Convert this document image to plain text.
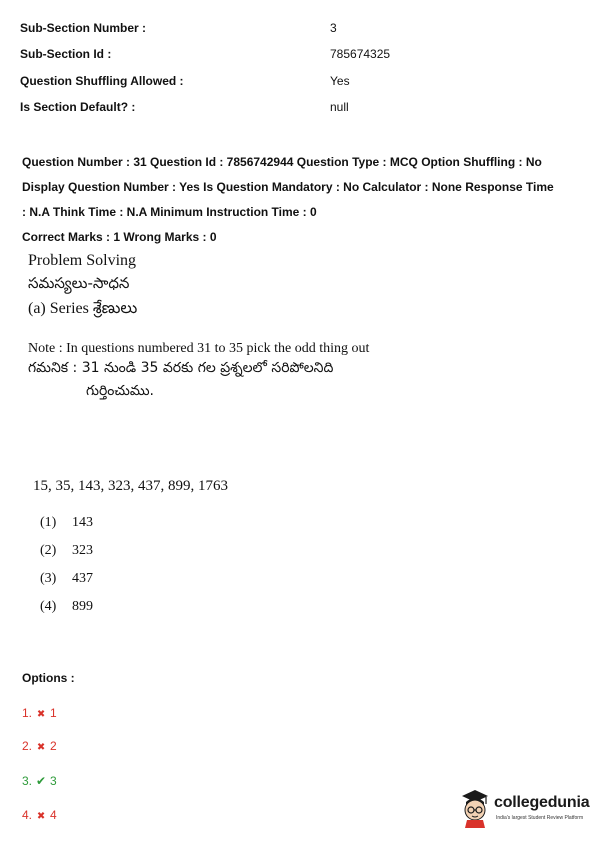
Sub-Section Number :	3
Sub-Section Id :	785674325
Question Shuffling Allowed :	Yes
Is Section Default? :	null
Question Number : 31 Question Id : 7856742944 Question Type : MCQ Option Shuffling : No
Display Question Number : Yes Is Question Mandatory : No Calculator : None Response Time
: N.A Think Time : N.A Minimum Instruction Time : 0
Correct Marks : 1 Wrong Marks : 0
Problem Solving
సమస్యలు-సాధన
(a) Series శ్రేణులు
Note : In questions numbered 31 to 35 pick the odd thing out
గమనిక : 31 నుండి 35 వరకు గల ప్రశ్నలలో సరిపోలనిది
గుర్తించుము.
15, 35, 143, 323, 437, 899, 1763
(1) 143
(2) 323
(3) 437
(4) 899
Options :
1. ✖ 1
2. ✖ 2
3. ✔ 3
4. ✖ 4
collegedunia
India's largest Student Review Platform
